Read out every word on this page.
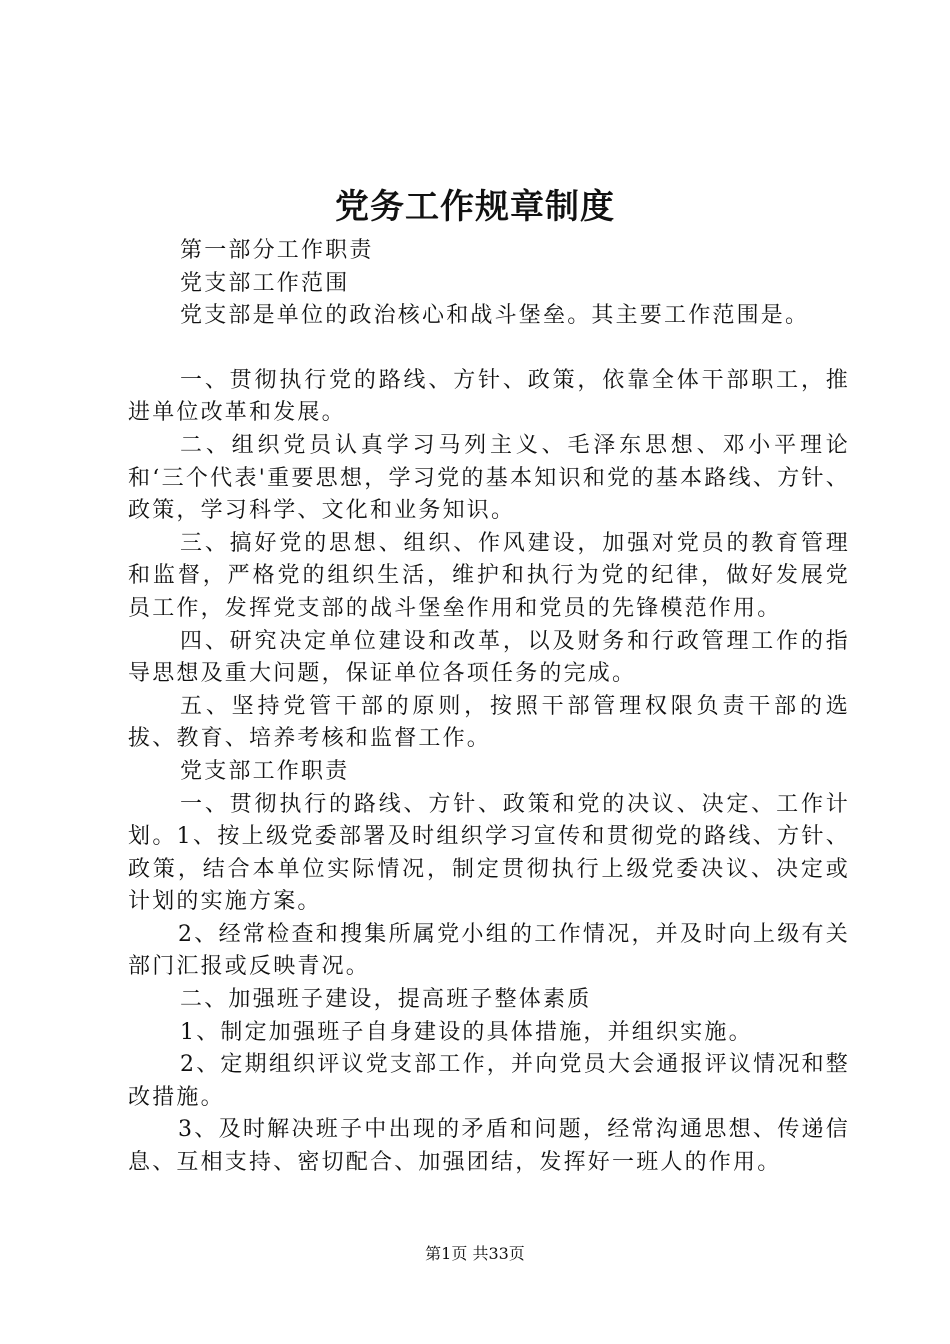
党务工作规章制度

第一部分工作职责

党支部工作范围

党支部是单位的政治核心和战斗堡垒。其主要工作范围是。

一、贯彻执行党的路线、方针、政策，依靠全体干部职工，推进单位改革和发展。

二、组织党员认真学习马列主义、毛泽东思想、邓小平理论和‘三个代表'重要思想，学习党的基本知识和党的基本路线、方针、政策，学习科学、文化和业务知识。

三、搞好党的思想、组织、作风建设，加强对党员的教育管理和监督，严格党的组织生活，维护和执行为党的纪律，做好发展党员工作，发挥党支部的战斗堡垒作用和党员的先锋模范作用。

四、研究决定单位建设和改革，以及财务和行政管理工作的指导思想及重大问题，保证单位各项任务的完成。

五、坚持党管干部的原则，按照干部管理权限负责干部的选拔、教育、培养考核和监督工作。

党支部工作职责

一、贯彻执行的路线、方针、政策和党的决议、决定、工作计划。1、按上级党委部署及时组织学习宣传和贯彻党的路线、方针、政策，结合本单位实际情况，制定贯彻执行上级党委决议、决定或计划的实施方案。

2、经常检查和搜集所属党小组的工作情况，并及时向上级有关部门汇报或反映青况。

二、加强班子建设，提高班子整体素质

1、制定加强班子自身建设的具体措施，并组织实施。

2、定期组织评议党支部工作，并向党员大会通报评议情况和整改措施。

3、及时解决班子中出现的矛盾和问题，经常沟通思想、传递信息、互相支持、密切配合、加强团结，发挥好一班人的作用。

第1页 共33页
